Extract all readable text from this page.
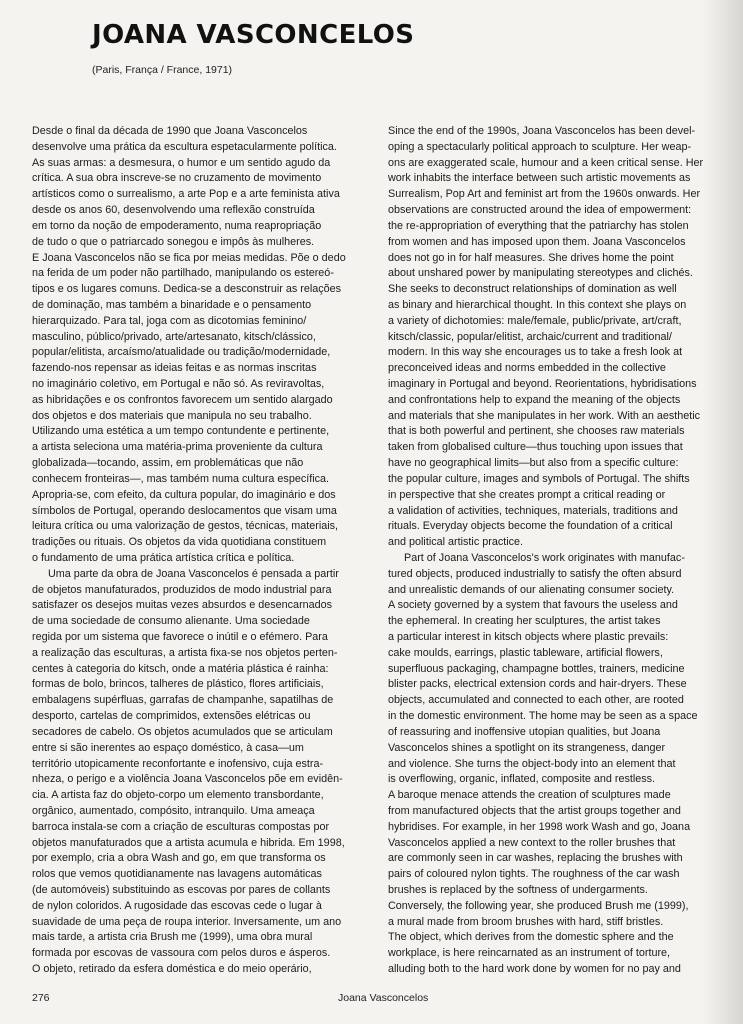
JOANA VASCONCELOS
(Paris, França / France, 1971)
Desde o final da década de 1990 que Joana Vasconcelos
desenvolve uma prática da escultura espetacularmente política.
As suas armas: a desmesura, o humor e um sentido agudo da
crítica. A sua obra inscreve-se no cruzamento de movimento
artísticos como o surrealismo, a arte Pop e a arte feminista ativa
desde os anos 60, desenvolvendo uma reflexão construída
em torno da noção de empoderamento, numa reapropriação
de tudo o que o patriarcado sonegou e impôs às mulheres.
E Joana Vasconcelos não se fica por meias medidas. Põe o dedo
na ferida de um poder não partilhado, manipulando os estereó-
tipos e os lugares comuns. Dedica-se a desconstruir as relações
de dominação, mas também a binaridade e o pensamento
hierarquizado. Para tal, joga com as dicotomias feminino/
masculino, público/privado, arte/artesanato, kitsch/clássico,
popular/elitista, arcaísmo/atualidade ou tradição/modernidade,
fazendo-nos repensar as ideias feitas e as normas inscritas
no imaginário coletivo, em Portugal e não só. As reviravoltas,
as hibridações e os confrontos favorecem um sentido alargado
dos objetos e dos materiais que manipula no seu trabalho.
Utilizando uma estética a um tempo contundente e pertinente,
a artista seleciona uma matéria-prima proveniente da cultura
globalizada—tocando, assim, em problemáticas que não
conhecem fronteiras—, mas também numa cultura específica.
Apropria-se, com efeito, da cultura popular, do imaginário e dos
símbolos de Portugal, operando deslocamentos que visam uma
leitura crítica ou uma valorização de gestos, técnicas, materiais,
tradições ou rituais. Os objetos da vida quotidiana constituem
o fundamento de uma prática artística crítica e política.
Uma parte da obra de Joana Vasconcelos é pensada a partir
de objetos manufaturados, produzidos de modo industrial para
satisfazer os desejos muitas vezes absurdos e desencarnados
de uma sociedade de consumo alienante. Uma sociedade
regida por um sistema que favorece o inútil e o efémero. Para
a realização das esculturas, a artista fixa-se nos objetos perten-
centes à categoria do kitsch, onde a matéria plástica é rainha:
formas de bolo, brincos, talheres de plástico, flores artificiais,
embalagens supérfluas, garrafas de champanhe, sapatilhas de
desporto, cartelas de comprimidos, extensões elétricas ou
secadores de cabelo. Os objetos acumulados que se articulam
entre si são inerentes ao espaço doméstico, à casa—um
território utopicamente reconfortante e inofensivo, cuja estra-
nheza, o perigo e a violência Joana Vasconcelos põe em evidên-
cia. A artista faz do objeto-corpo um elemento transbordante,
orgânico, aumentado, compósito, intranquilo. Uma ameaça
barroca instala-se com a criação de esculturas compostas por
objetos manufaturados que a artista acumula e hibrida. Em 1998,
por exemplo, cria a obra Wash and go, em que transforma os
rolos que vemos quotidianamente nas lavagens automáticas
(de automóveis) substituindo as escovas por pares de collants
de nylon coloridos. A rugosidade das escovas cede o lugar à
suavidade de uma peça de roupa interior. Inversamente, um ano
mais tarde, a artista cria Brush me (1999), uma obra mural
formada por escovas de vassoura com pelos duros e ásperos.
O objeto, retirado da esfera doméstica e do meio operário,
Since the end of the 1990s, Joana Vasconcelos has been devel-
oping a spectacularly political approach to sculpture. Her weap-
ons are exaggerated scale, humour and a keen critical sense. Her
work inhabits the interface between such artistic movements as
Surrealism, Pop Art and feminist art from the 1960s onwards. Her
observations are constructed around the idea of empowerment:
the re-appropriation of everything that the patriarchy has stolen
from women and has imposed upon them. Joana Vasconcelos
does not go in for half measures. She drives home the point
about unshared power by manipulating stereotypes and clichés.
She seeks to deconstruct relationships of domination as well
as binary and hierarchical thought. In this context she plays on
a variety of dichotomies: male/female, public/private, art/craft,
kitsch/classic, popular/elitist, archaic/current and traditional/
modern. In this way she encourages us to take a fresh look at
preconceived ideas and norms embedded in the collective
imaginary in Portugal and beyond. Reorientations, hybridisations
and confrontations help to expand the meaning of the objects
and materials that she manipulates in her work. With an aesthetic
that is both powerful and pertinent, she chooses raw materials
taken from globalised culture—thus touching upon issues that
have no geographical limits—but also from a specific culture:
the popular culture, images and symbols of Portugal. The shifts
in perspective that she creates prompt a critical reading or
a validation of activities, techniques, materials, traditions and
rituals. Everyday objects become the foundation of a critical
and political artistic practice.
Part of Joana Vasconcelos's work originates with manufac-
tured objects, produced industrially to satisfy the often absurd
and unrealistic demands of our alienating consumer society.
A society governed by a system that favours the useless and
the ephemeral. In creating her sculptures, the artist takes
a particular interest in kitsch objects where plastic prevails:
cake moulds, earrings, plastic tableware, artificial flowers,
superfluous packaging, champagne bottles, trainers, medicine
blister packs, electrical extension cords and hair-dryers. These
objects, accumulated and connected to each other, are rooted
in the domestic environment. The home may be seen as a space
of reassuring and inoffensive utopian qualities, but Joana
Vasconcelos shines a spotlight on its strangeness, danger
and violence. She turns the object-body into an element that
is overflowing, organic, inflated, composite and restless.
A baroque menace attends the creation of sculptures made
from manufactured objects that the artist groups together and
hybridises. For example, in her 1998 work Wash and go, Joana
Vasconcelos applied a new context to the roller brushes that
are commonly seen in car washes, replacing the brushes with
pairs of coloured nylon tights. The roughness of the car wash
brushes is replaced by the softness of undergarments.
Conversely, the following year, she produced Brush me (1999),
a mural made from broom brushes with hard, stiff bristles.
The object, which derives from the domestic sphere and the
workplace, is here reincarnated as an instrument of torture,
alluding both to the hard work done by women for no pay and
276	Joana Vasconcelos
